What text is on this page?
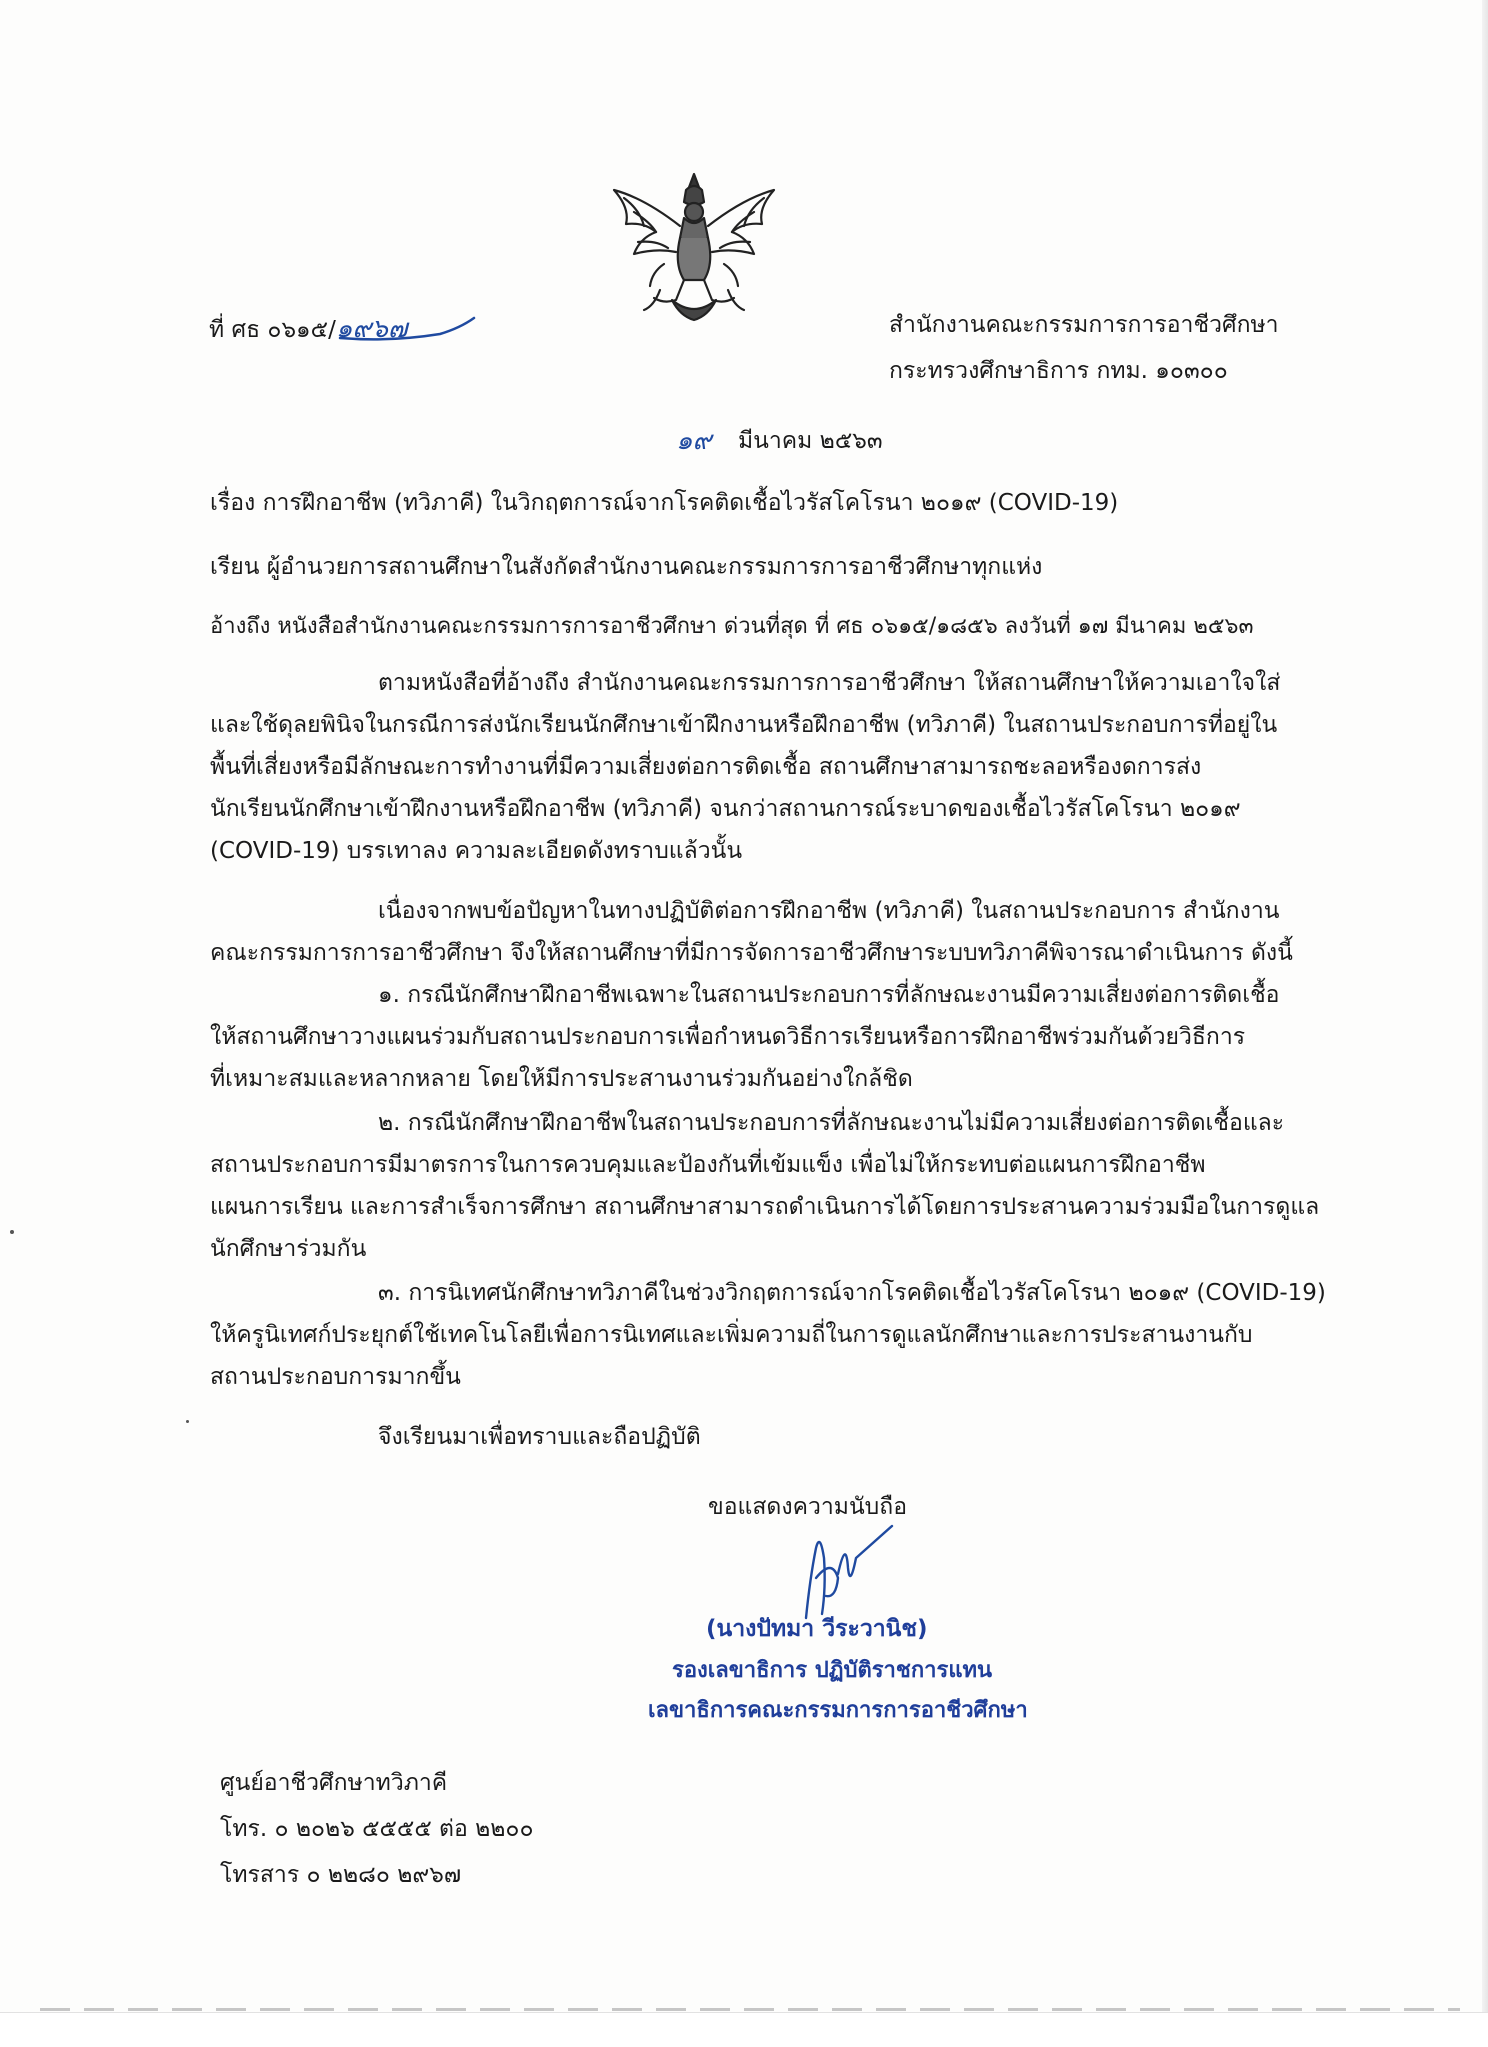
ที่ ศธ ๐๖๑๕/๑๙๖๗	สำนักงานคณะกรรมการการอาชีวศึกษา
กระทรวงศึกษาธิการ กทม. ๑๐๓๐๐
๑๙ มีนาคม ๒๕๖๓
เรื่อง การฝึกอาชีพ (ทวิภาคี) ในวิกฤตการณ์จากโรคติดเชื้อไวรัสโคโรนา ๒๐๑๙ (COVID-19)
เรียน ผู้อำนวยการสถานศึกษาในสังกัดสำนักงานคณะกรรมการการอาชีวศึกษาทุกแห่ง
อ้างถึง หนังสือสำนักงานคณะกรรมการการอาชีวศึกษา ด่วนที่สุด ที่ ศธ ๐๖๑๕/๑๘๕๖ ลงวันที่ ๑๗ มีนาคม ๒๕๖๓
ตามหนังสือที่อ้างถึง สำนักงานคณะกรรมการการอาชีวศึกษา ให้สถานศึกษาให้ความเอาใจใส่
และใช้ดุลยพินิจในกรณีการส่งนักเรียนนักศึกษาเข้าฝึกงานหรือฝึกอาชีพ (ทวิภาคี) ในสถานประกอบการที่อยู่ใน
พื้นที่เสี่ยงหรือมีลักษณะการทำงานที่มีความเสี่ยงต่อการติดเชื้อ สถานศึกษาสามารถชะลอหรืองดการส่ง
นักเรียนนักศึกษาเข้าฝึกงานหรือฝึกอาชีพ (ทวิภาคี) จนกว่าสถานการณ์ระบาดของเชื้อไวรัสโคโรนา ๒๐๑๙
(COVID-19) บรรเทาลง ความละเอียดดังทราบแล้วนั้น
เนื่องจากพบข้อปัญหาในทางปฏิบัติต่อการฝึกอาชีพ (ทวิภาคี) ในสถานประกอบการ สำนักงาน
คณะกรรมการการอาชีวศึกษา จึงให้สถานศึกษาที่มีการจัดการอาชีวศึกษาระบบทวิภาคีพิจารณาดำเนินการ ดังนี้
๑. กรณีนักศึกษาฝึกอาชีพเฉพาะในสถานประกอบการที่ลักษณะงานมีความเสี่ยงต่อการติดเชื้อ
ให้สถานศึกษาวางแผนร่วมกับสถานประกอบการเพื่อกำหนดวิธีการเรียนหรือการฝึกอาชีพร่วมกันด้วยวิธีการ
ที่เหมาะสมและหลากหลาย โดยให้มีการประสานงานร่วมกันอย่างใกล้ชิด
๒. กรณีนักศึกษาฝึกอาชีพในสถานประกอบการที่ลักษณะงานไม่มีความเสี่ยงต่อการติดเชื้อและ
สถานประกอบการมีมาตรการในการควบคุมและป้องกันที่เข้มแข็ง เพื่อไม่ให้กระทบต่อแผนการฝึกอาชีพ
แผนการเรียน และการสำเร็จการศึกษา สถานศึกษาสามารถดำเนินการได้โดยการประสานความร่วมมือในการดูแล
นักศึกษาร่วมกัน
๓. การนิเทศนักศึกษาทวิภาคีในช่วงวิกฤตการณ์จากโรคติดเชื้อไวรัสโคโรนา ๒๐๑๙ (COVID-19)
ให้ครูนิเทศก์ประยุกต์ใช้เทคโนโลยีเพื่อการนิเทศและเพิ่มความถี่ในการดูแลนักศึกษาและการประสานงานกับ
สถานประกอบการมากขึ้น
จึงเรียนมาเพื่อทราบและถือปฏิบัติ
ขอแสดงความนับถือ
(นางปัทมา วีระวานิช)
รองเลขาธิการ ปฏิบัติราชการแทน
เลขาธิการคณะกรรมการการอาชีวศึกษา
ศูนย์อาชีวศึกษาทวิภาคี
โทร. ๐ ๒๐๒๖ ๕๕๕๕ ต่อ ๒๒๐๐
โทรสาร ๐ ๒๒๘๐ ๒๙๖๗
